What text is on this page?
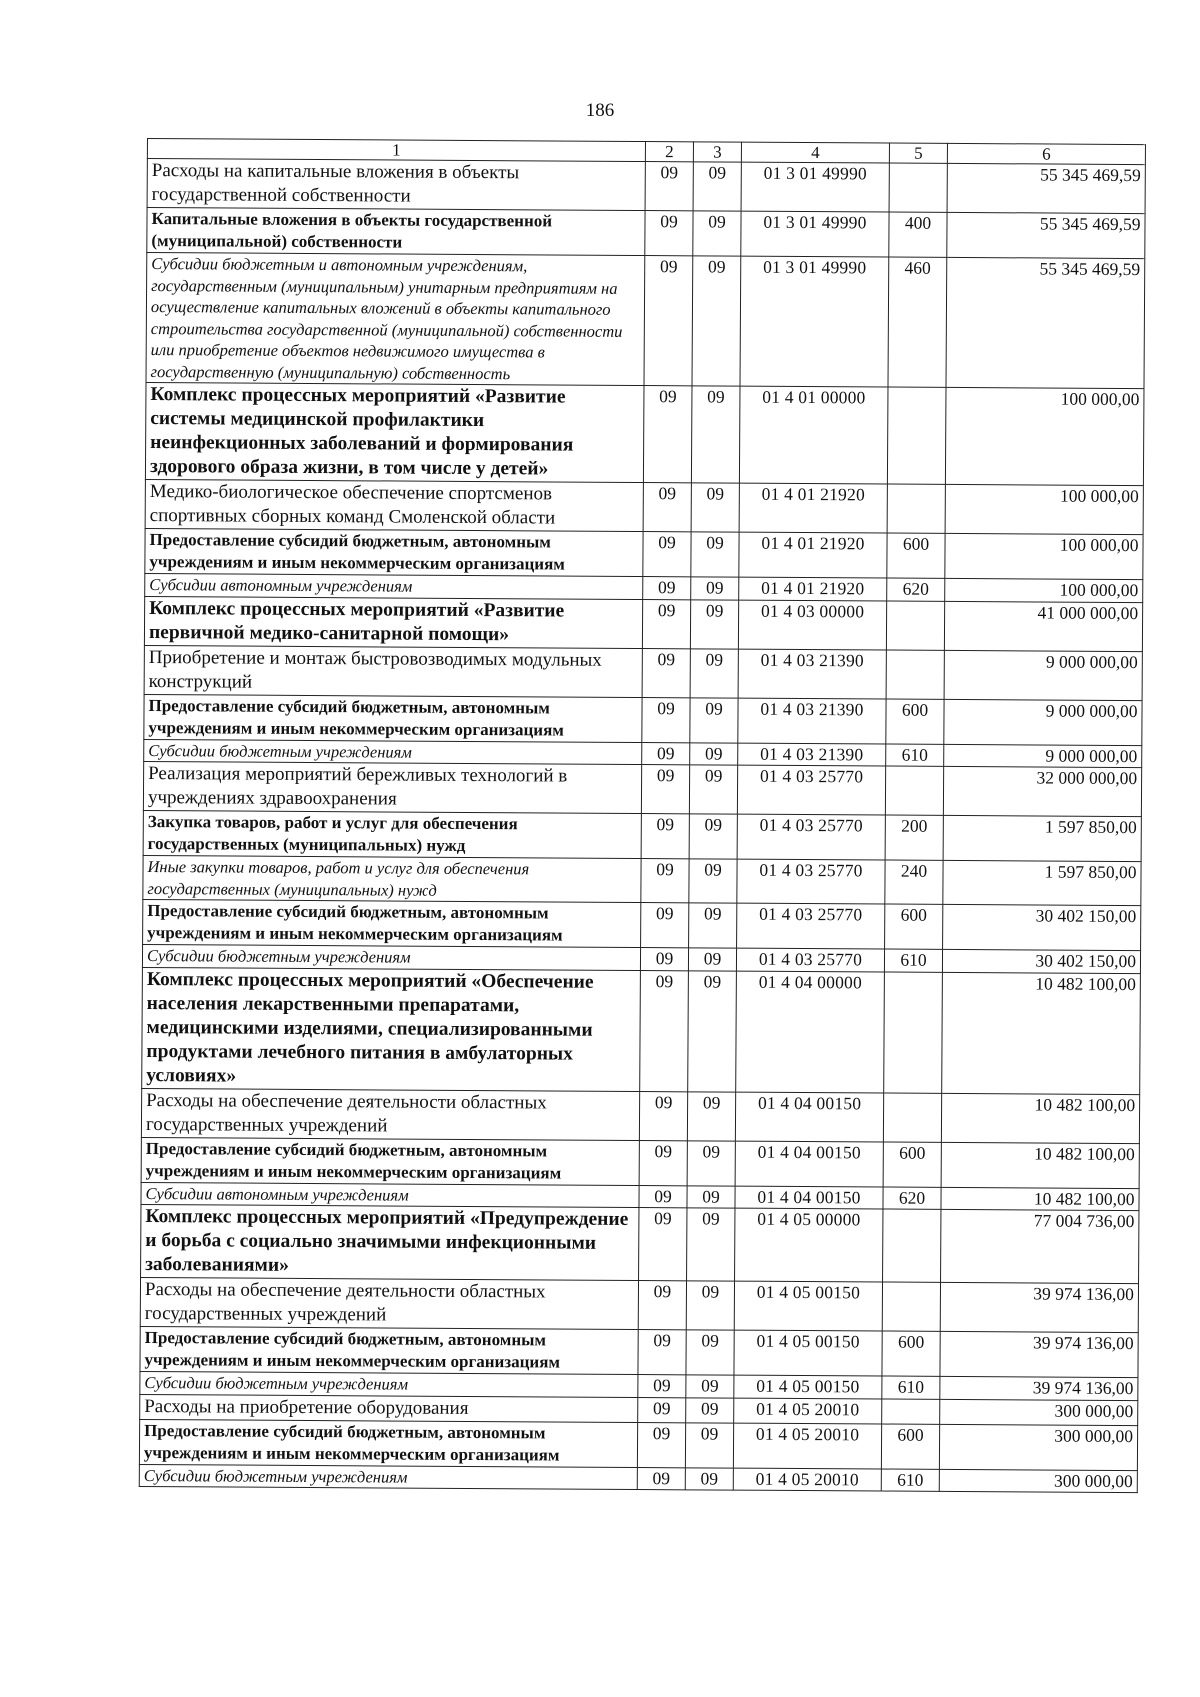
186
1	2	3	4	5	6
Расходы на капитальные вложения в объекты государственной собственности	09	09	01 3 01 49990		55 345 469,59
Капитальные вложения в объекты государственной (муниципальной) собственности	09	09	01 3 01 49990	400	55 345 469,59
Субсидии бюджетным и автономным учреждениям, государственным (муниципальным) унитарным предприятиям на осуществление капитальных вложений в объекты капитального строительства государственной (муниципальной) собственности или приобретение объектов недвижимого имущества в государственную (муниципальную) собственность	09	09	01 3 01 49990	460	55 345 469,59
Комплекс процессных мероприятий «Развитие системы медицинской профилактики неинфекционных заболеваний и формирования здорового образа жизни, в том числе у детей»	09	09	01 4 01 00000		100 000,00
Медико-биологическое обеспечение спортсменов спортивных сборных команд Смоленской области	09	09	01 4 01 21920		100 000,00
Предоставление субсидий бюджетным, автономным учреждениям и иным некоммерческим организациям	09	09	01 4 01 21920	600	100 000,00
Субсидии автономным учреждениям	09	09	01 4 01 21920	620	100 000,00
Комплекс процессных мероприятий «Развитие первичной медико-санитарной помощи»	09	09	01 4 03 00000		41 000 000,00
Приобретение и монтаж быстровозводимых модульных конструкций	09	09	01 4 03 21390		9 000 000,00
Предоставление субсидий бюджетным, автономным учреждениям и иным некоммерческим организациям	09	09	01 4 03 21390	600	9 000 000,00
Субсидии бюджетным учреждениям	09	09	01 4 03 21390	610	9 000 000,00
Реализация мероприятий бережливых технологий в учреждениях здравоохранения	09	09	01 4 03 25770		32 000 000,00
Закупка товаров, работ и услуг для обеспечения государственных (муниципальных) нужд	09	09	01 4 03 25770	200	1 597 850,00
Иные закупки товаров, работ и услуг для обеспечения государственных (муниципальных) нужд	09	09	01 4 03 25770	240	1 597 850,00
Предоставление субсидий бюджетным, автономным учреждениям и иным некоммерческим организациям	09	09	01 4 03 25770	600	30 402 150,00
Субсидии бюджетным учреждениям	09	09	01 4 03 25770	610	30 402 150,00
Комплекс процессных мероприятий «Обеспечение населения лекарственными препаратами, медицинскими изделиями, специализированными продуктами лечебного питания в амбулаторных условиях»	09	09	01 4 04 00000		10 482 100,00
Расходы на обеспечение деятельности областных государственных учреждений	09	09	01 4 04 00150		10 482 100,00
Предоставление субсидий бюджетным, автономным учреждениям и иным некоммерческим организациям	09	09	01 4 04 00150	600	10 482 100,00
Субсидии автономным учреждениям	09	09	01 4 04 00150	620	10 482 100,00
Комплекс процессных мероприятий «Предупреждение и борьба с социально значимыми инфекционными заболеваниями»	09	09	01 4 05 00000		77 004 736,00
Расходы на обеспечение деятельности областных государственных учреждений	09	09	01 4 05 00150		39 974 136,00
Предоставление субсидий бюджетным, автономным учреждениям и иным некоммерческим организациям	09	09	01 4 05 00150	600	39 974 136,00
Субсидии бюджетным учреждениям	09	09	01 4 05 00150	610	39 974 136,00
Расходы на приобретение оборудования	09	09	01 4 05 20010		300 000,00
Предоставление субсидий бюджетным, автономным учреждениям и иным некоммерческим организациям	09	09	01 4 05 20010	600	300 000,00
Субсидии бюджетным учреждениям	09	09	01 4 05 20010	610	300 000,00
